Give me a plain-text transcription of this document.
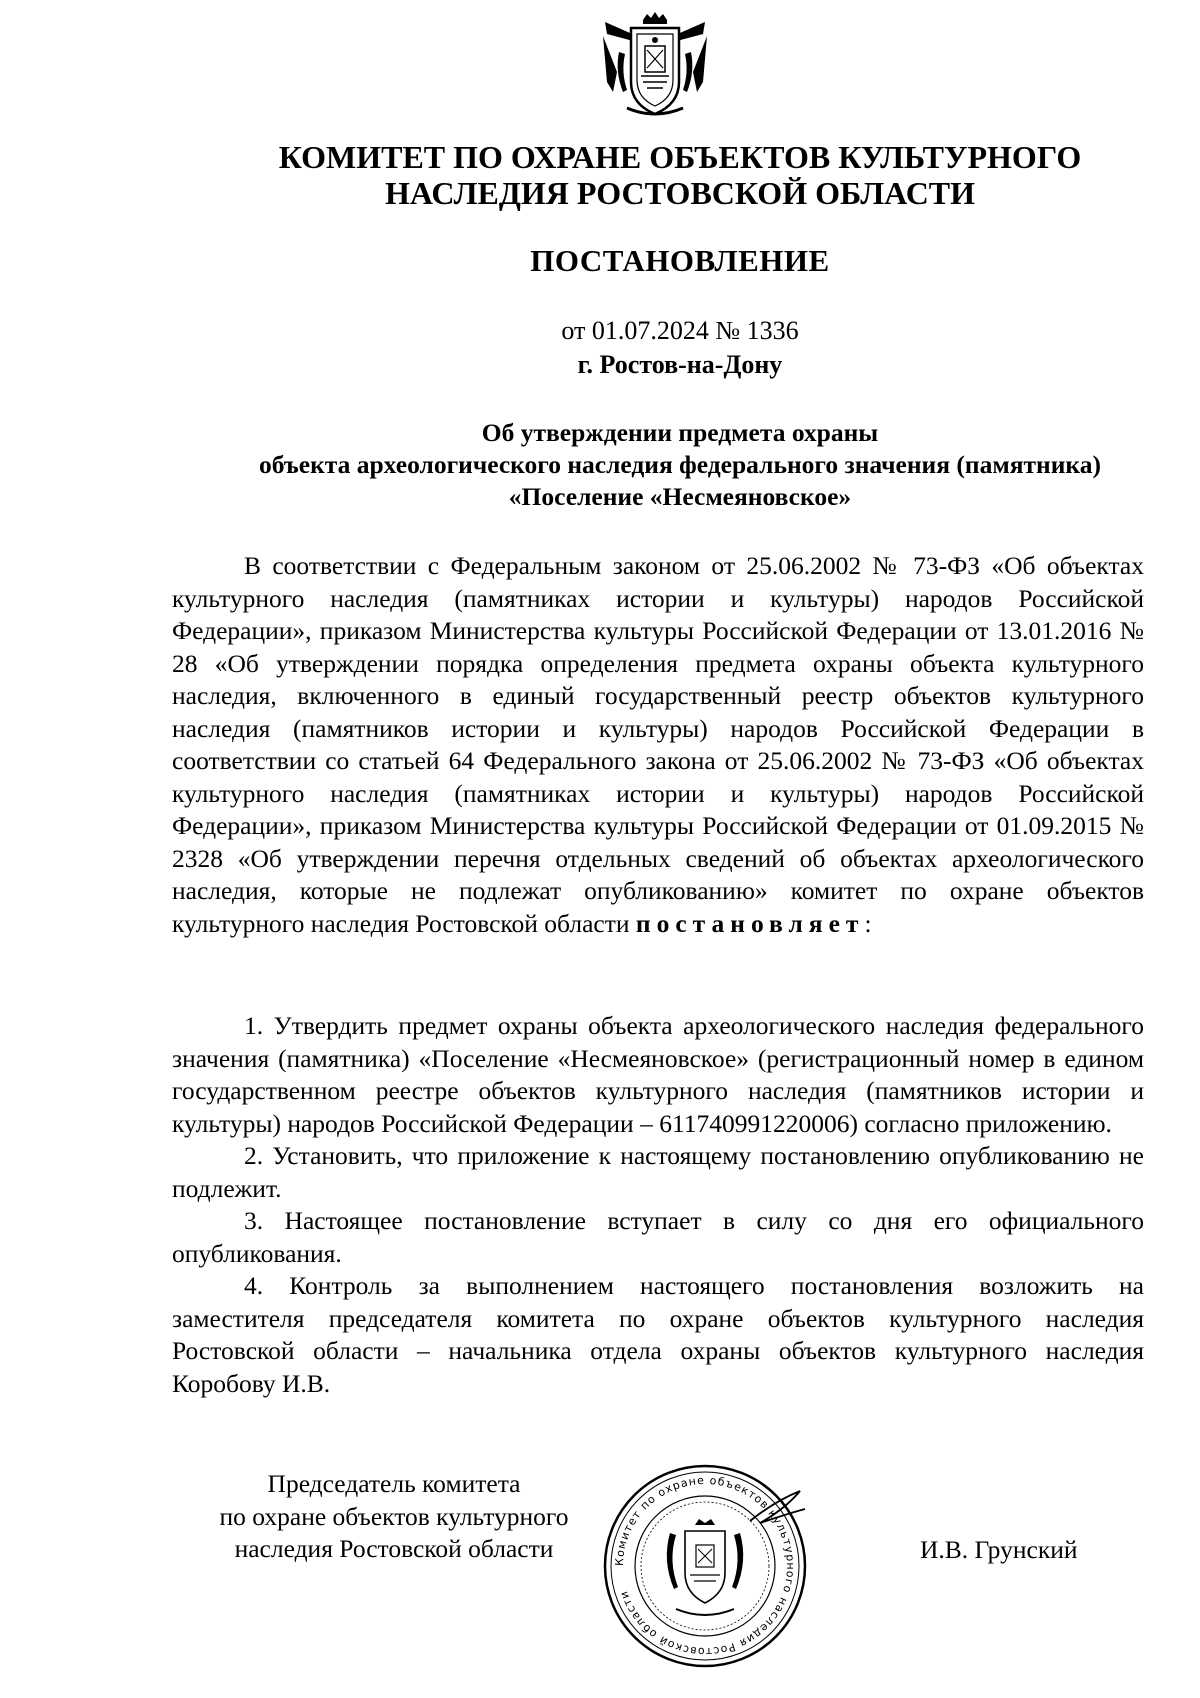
КОМИТЕТ ПО ОХРАНЕ ОБЪЕКТОВ КУЛЬТУРНОГО
НАСЛЕДИЯ РОСТОВСКОЙ ОБЛАСТИ
ПОСТАНОВЛЕНИЕ
от 01.07.2024 № 1336
г. Ростов-на-Дону
Об утверждении предмета охраны
объекта археологического наследия федерального значения (памятника)
«Поселение «Несмеяновское»

В соответствии с Федеральным законом от 25.06.2002 № 73-ФЗ «Об объектах культурного наследия (памятниках истории и культуры) народов Российской Федерации», приказом Министерства культуры Российской Федерации от 13.01.2016 № 28 «Об утверждении порядка определения предмета охраны объекта культурного наследия, включенного в единый государственный реестр объектов культурного наследия (памятников истории и культуры) народов Российской Федерации в соответствии со статьей 64 Федерального закона от 25.06.2002 № 73-ФЗ «Об объектах культурного наследия (памятниках истории и культуры) народов Российской Федерации», приказом Министерства культуры Российской Федерации от 01.09.2015 № 2328 «Об утверждении перечня отдельных сведений об объектах археологического наследия, которые не подлежат опубликованию» комитет по охране объектов культурного наследия Ростовской области постановляет:

1. Утвердить предмет охраны объекта археологического наследия федерального значения (памятника) «Поселение «Несмеяновское» (регистрационный номер в едином государственном реестре объектов культурного наследия (памятников истории и культуры) народов Российской Федерации – 611740991220006) согласно приложению.

2. Установить, что приложение к настоящему постановлению опубликованию не подлежит.

3. Настоящее постановление вступает в силу со дня его официального опубликования.

4. Контроль за выполнением настоящего постановления возложить на заместителя председателя комитета по охране объектов культурного наследия Ростовской области – начальника отдела охраны объектов культурного наследия Коробову И.В.

Председатель комитета
по охране объектов культурного
наследия Ростовской области	Комитет по охране объектов культурного наследия Ростовской области
И.В. Грунский
